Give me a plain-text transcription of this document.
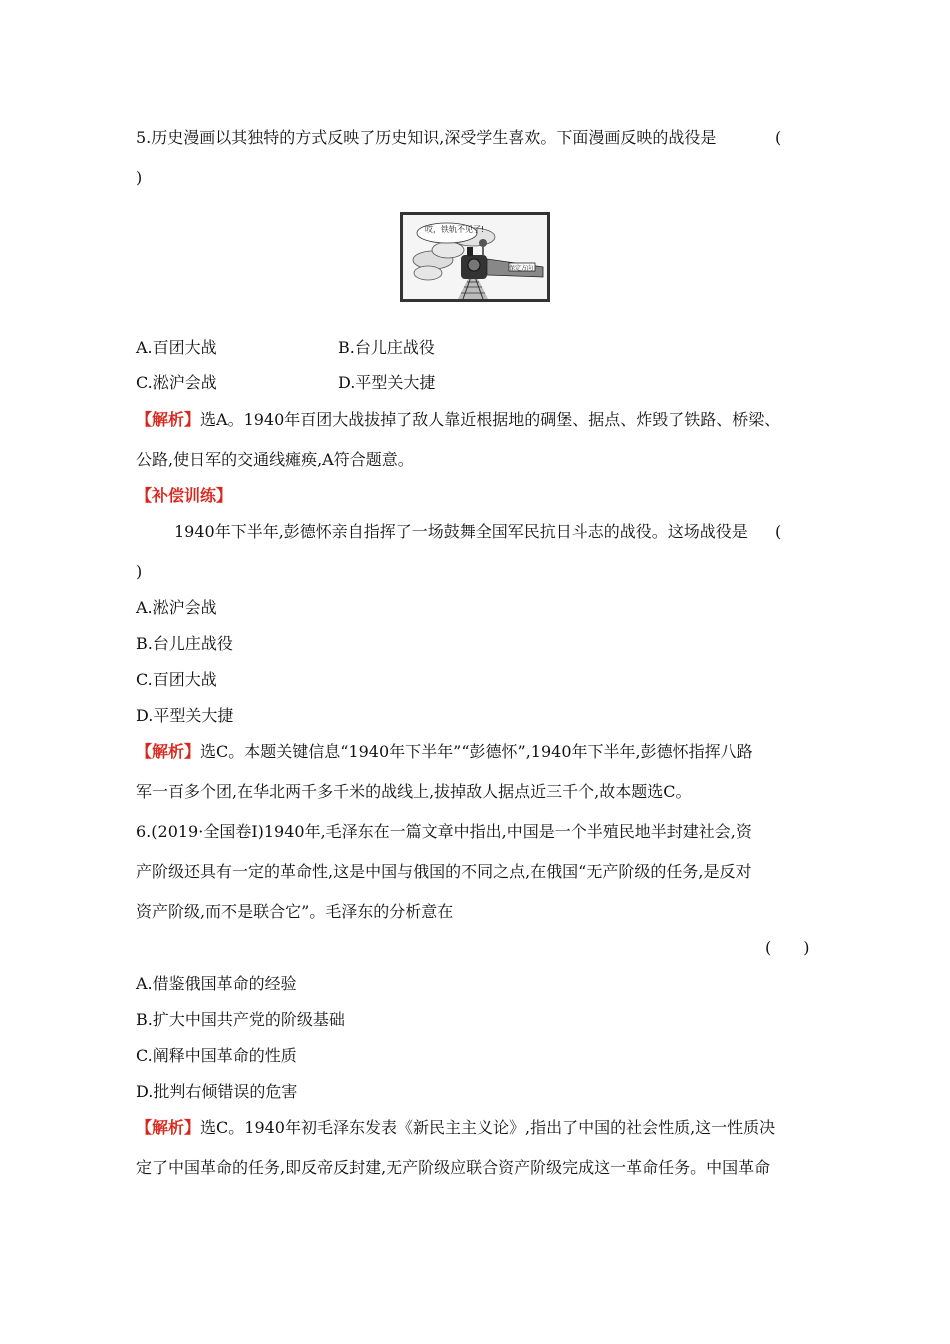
5.历史漫画以其独特的方式反映了历史知识,深受学生喜欢。下面漫画反映的战役是	(
)
哎，铁轨不见了!
保定方向
A.百团大战	B.台儿庄战役
C.淞沪会战	D.平型关大捷
【解析】选A。1940年百团大战拔掉了敌人靠近根据地的碉堡、据点、炸毁了铁路、桥梁、
公路,使日军的交通线瘫痪,A符合题意。
【补偿训练】
1940年下半年,彭德怀亲自指挥了一场鼓舞全国军民抗日斗志的战役。这场战役是 (
)
A.淞沪会战
B.台儿庄战役
C.百团大战
D.平型关大捷
【解析】选C。本题关键信息“1940年下半年”“彭德怀”,1940年下半年,彭德怀指挥八路
军一百多个团,在华北两千多千米的战线上,拔掉敌人据点近三千个,故本题选C。
6.(2019·全国卷Ⅰ)1940年,毛泽东在一篇文章中指出,中国是一个半殖民地半封建社会,资
产阶级还具有一定的革命性,这是中国与俄国的不同之点,在俄国“无产阶级的任务,是反对
资产阶级,而不是联合它”。毛泽东的分析意在
(　　)
A.借鉴俄国革命的经验
B.扩大中国共产党的阶级基础
C.阐释中国革命的性质
D.批判右倾错误的危害
【解析】选C。1940年初毛泽东发表《新民主主义论》,指出了中国的社会性质,这一性质决
定了中国革命的任务,即反帝反封建,无产阶级应联合资产阶级完成这一革命任务。中国革命
